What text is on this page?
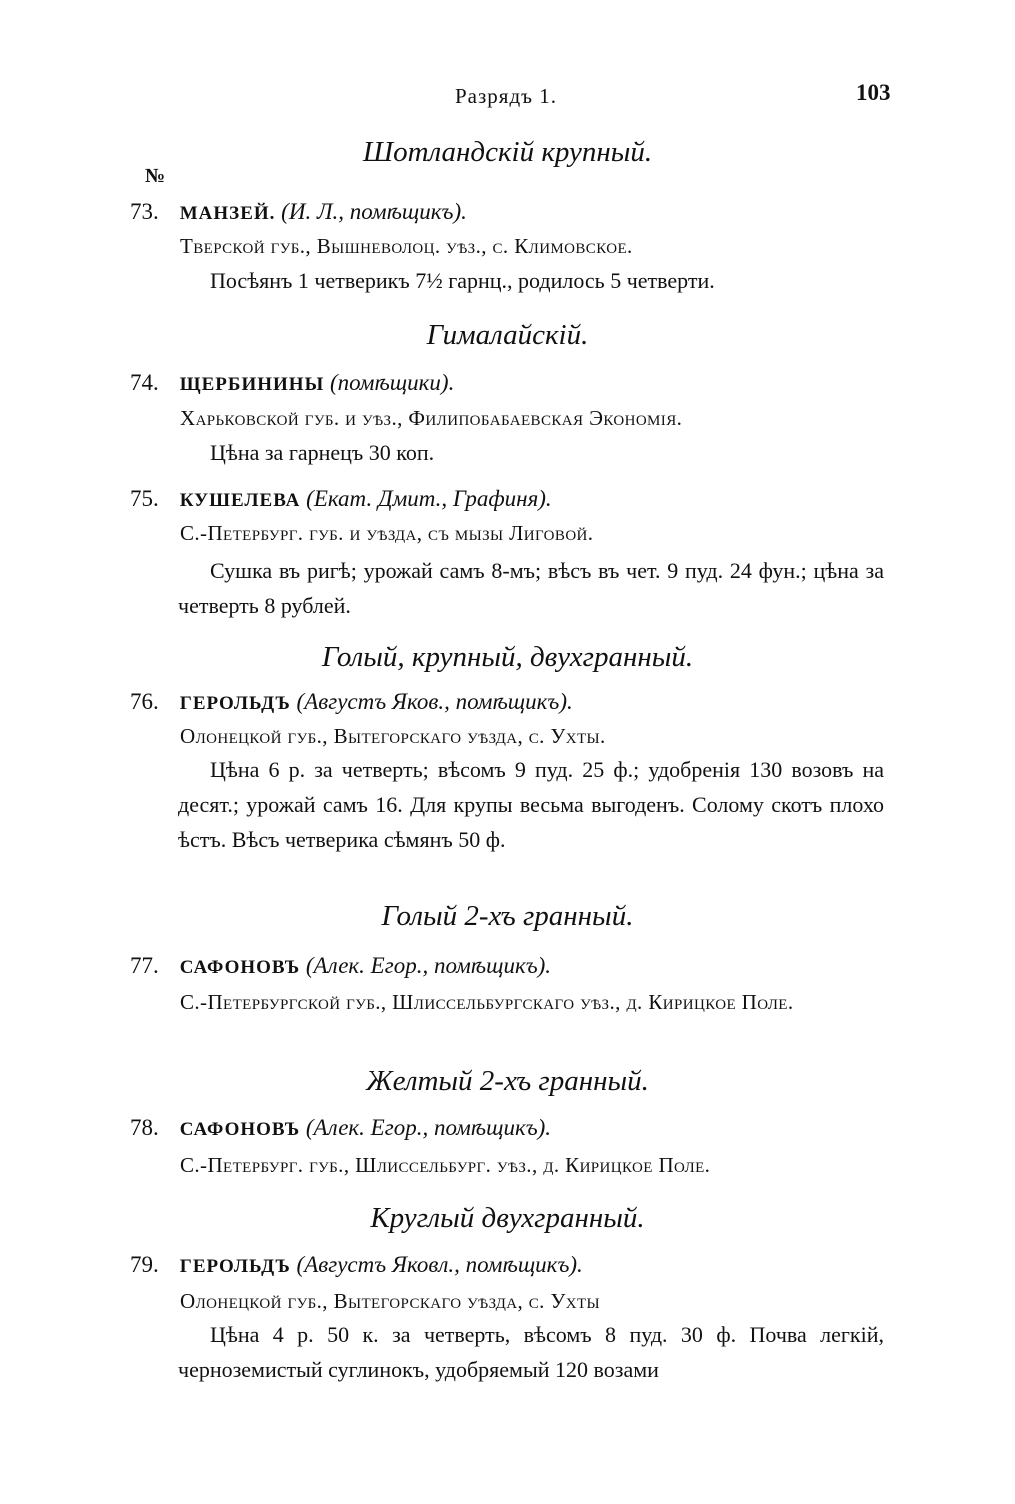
Разрядъ 1.	103
№
Шотландскій крупный.
73. МАНЗЕЙ. (И. Л., помѣщикъ).
Тверской губ., Вышневолоц. уѣз., с. Климовское.
Посѣянъ 1 четверикъ 7½ гарнц., родилось 5 четверти.
Гималайскій.
74. ЩЕРБИНИНЫ (помѣщики).
Харьковской губ. и уѣз., Филипобабаевская Экономія.
Цѣна за гарнецъ 30 коп.
75. КУШЕЛЕВА (Екат. Дмит., Графиня).
С.-Петербург. губ. и уѣзда, съ мызы Лиговой.
Сушка въ ригѣ; урожай самъ 8-мъ; вѣсъ въ чет. 9 пуд. 24 фун.; цѣна за четверть 8 рублей.
Голый, крупный, двухгранный.
76. ГЕРОЛЬДЪ (Августъ Яков., помѣщикъ).
Олонецкой губ., Вытегорскаго уѣзда, с. Ухты.
Цѣна 6 р. за четверть; вѣсомъ 9 пуд. 25 ф.; удобренія 130 возовъ на десят.; урожай самъ 16. Для крупы весьма выгоденъ. Солому скотъ плохо ѣстъ. Вѣсъ четверика сѣмянъ 50 ф.
Голый 2-хъ гранный.
77. САФОНОВЪ (Алек. Егор., помѣщикъ).
С.-Петербургской губ., Шлиссельбургскаго уѣз., д. Кирицкое Поле.
Желтый 2-хъ гранный.
78. САФОНОВЪ (Алек. Егор., помѣщикъ).
С.-Петербург. губ., Шлиссельбург. уѣз., д. Кирицкое Поле.
Круглый двухгранный.
79. ГЕРОЛЬДЪ (Августъ Яковл., помѣщикъ).
Олонецкой губ., Вытегорскаго уѣзда, с. Ухты
Цѣна 4 р. 50 к. за четверть, вѣсомъ 8 пуд. 30 ф. Почва легкій, черноземистый суглинокъ, удобряемый 120 возами
